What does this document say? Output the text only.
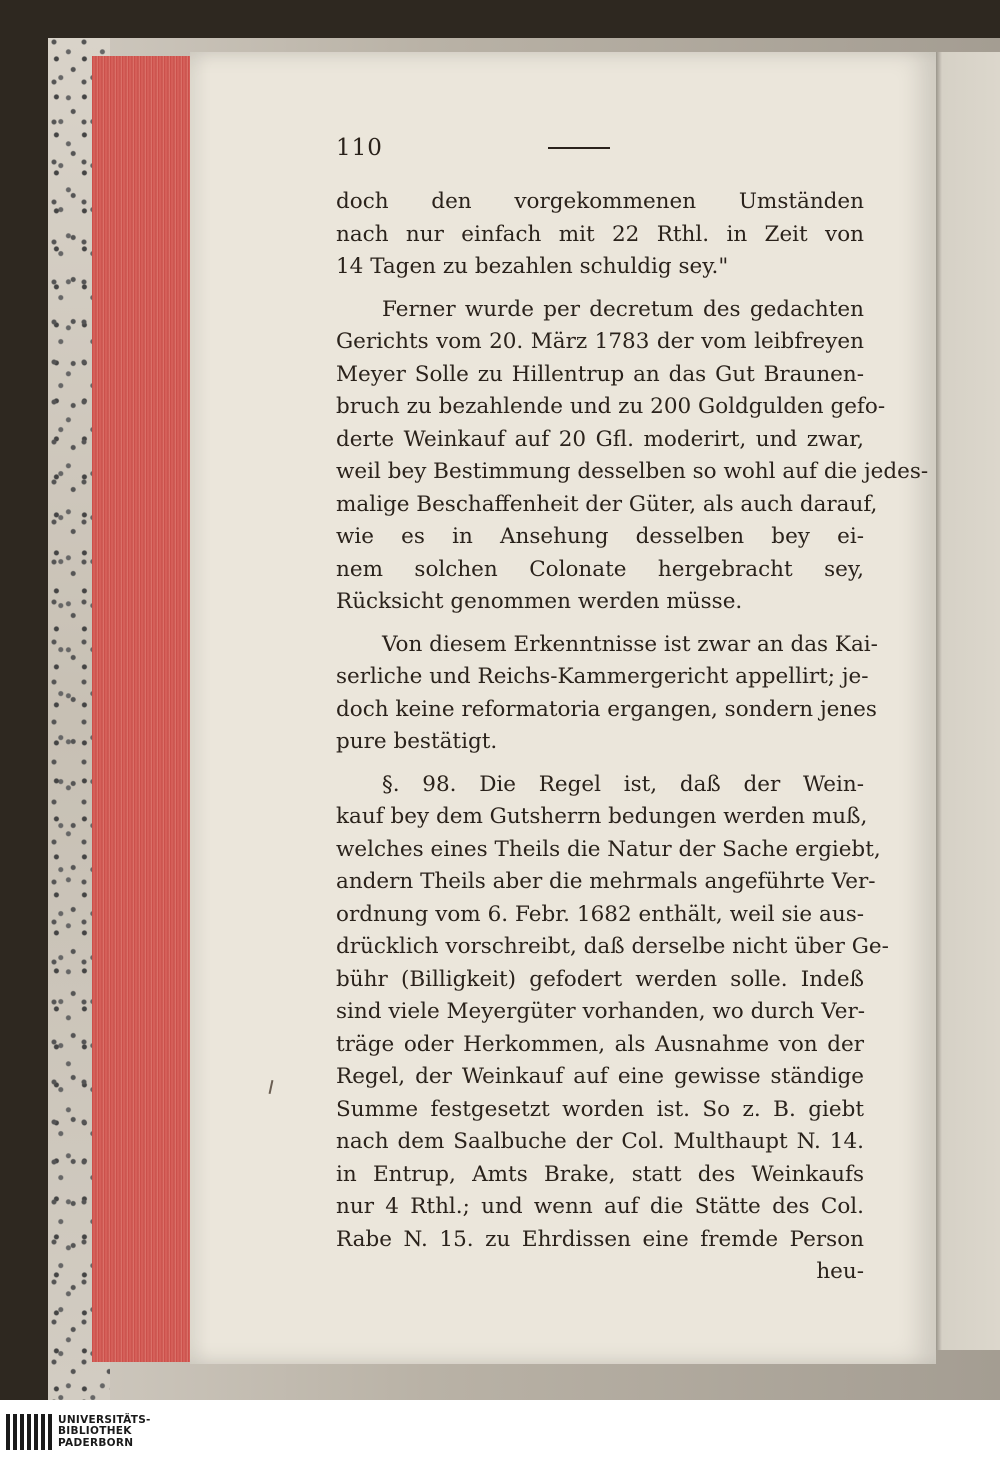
110
doch den vorgekommenen Umständen
nach nur einfach mit 22 Rthl. in Zeit von
14 Tagen zu bezahlen schuldig sey."
Ferner wurde per decretum des gedachten
Gerichts vom 20. März 1783 der vom leibfreyen
Meyer Solle zu Hillentrup an das Gut Braunen-
bruch zu bezahlende und zu 200 Goldgulden gefo-
derte Weinkauf auf 20 Gfl. moderirt, und zwar,
weil bey Bestimmung desselben so wohl auf die jedes-
malige Beschaffenheit der Güter, als auch darauf,
wie es in Ansehung desselben bey ei-
nem solchen Colonate hergebracht sey,
Rücksicht genommen werden müsse.
Von diesem Erkenntnisse ist zwar an das Kai-
serliche und Reichs-Kammergericht appellirt; je-
doch keine reformatoria ergangen, sondern jenes
pure bestätigt.
§. 98. Die Regel ist, daß der Wein-
kauf bey dem Gutsherrn bedungen werden muß,
welches eines Theils die Natur der Sache ergiebt,
andern Theils aber die mehrmals angeführte Ver-
ordnung vom 6. Febr. 1682 enthält, weil sie aus-
drücklich vorschreibt, daß derselbe nicht über Ge-
bühr (Billigkeit) gefodert werden solle. Indeß
sind viele Meyergüter vorhanden, wo durch Ver-
träge oder Herkommen, als Ausnahme von der
Regel, der Weinkauf auf eine gewisse ständige
Summe festgesetzt worden ist. So z. B. giebt
nach dem Saalbuche der Col. Multhaupt N. 14.
in Entrup, Amts Brake, statt des Weinkaufs
nur 4 Rthl.; und wenn auf die Stätte des Col.
Rabe N. 15. zu Ehrdissen eine fremde Person
heu-
UNIVERSITÄTS-
BIBLIOTHEK
PADERBORN
